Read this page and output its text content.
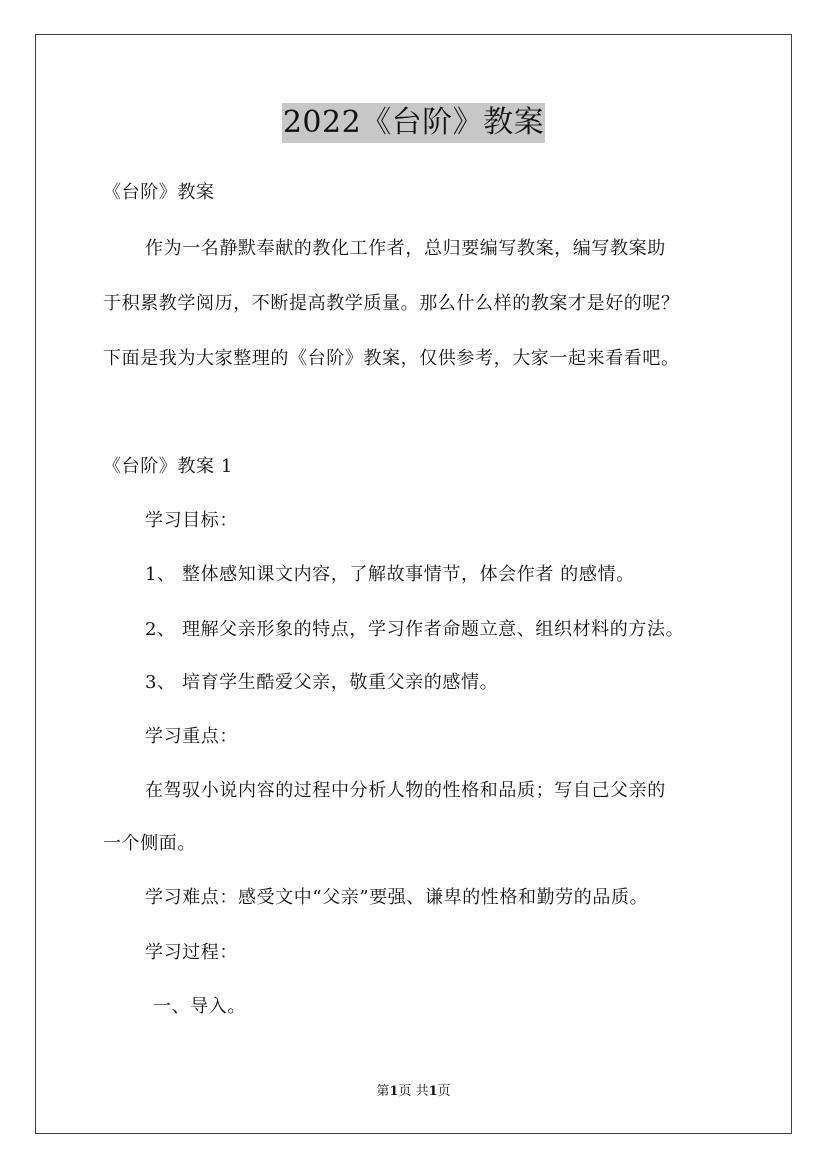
2022《台阶》教案
《台阶》教案
作为一名静默奉献的教化工作者，总归要编写教案，编写教案助
于积累教学阅历，不断提高教学质量。那么什么样的教案才是好的呢？
下面是我为大家整理的《台阶》教案，仅供参考，大家一起来看看吧。
《台阶》教案 1
学习目标：
1、 整体感知课文内容，了解故事情节，体会作者 的感情。
2、 理解父亲形象的特点，学习作者命题立意、组织材料的方法。
3、 培育学生酷爱父亲，敬重父亲的感情。
学习重点：
在驾驭小说内容的过程中分析人物的性格和品质；写自己父亲的
一个侧面。
学习难点：感受文中“父亲”要强、谦卑的性格和勤劳的品质。
学习过程：
一、导入。
第1页 共1页
